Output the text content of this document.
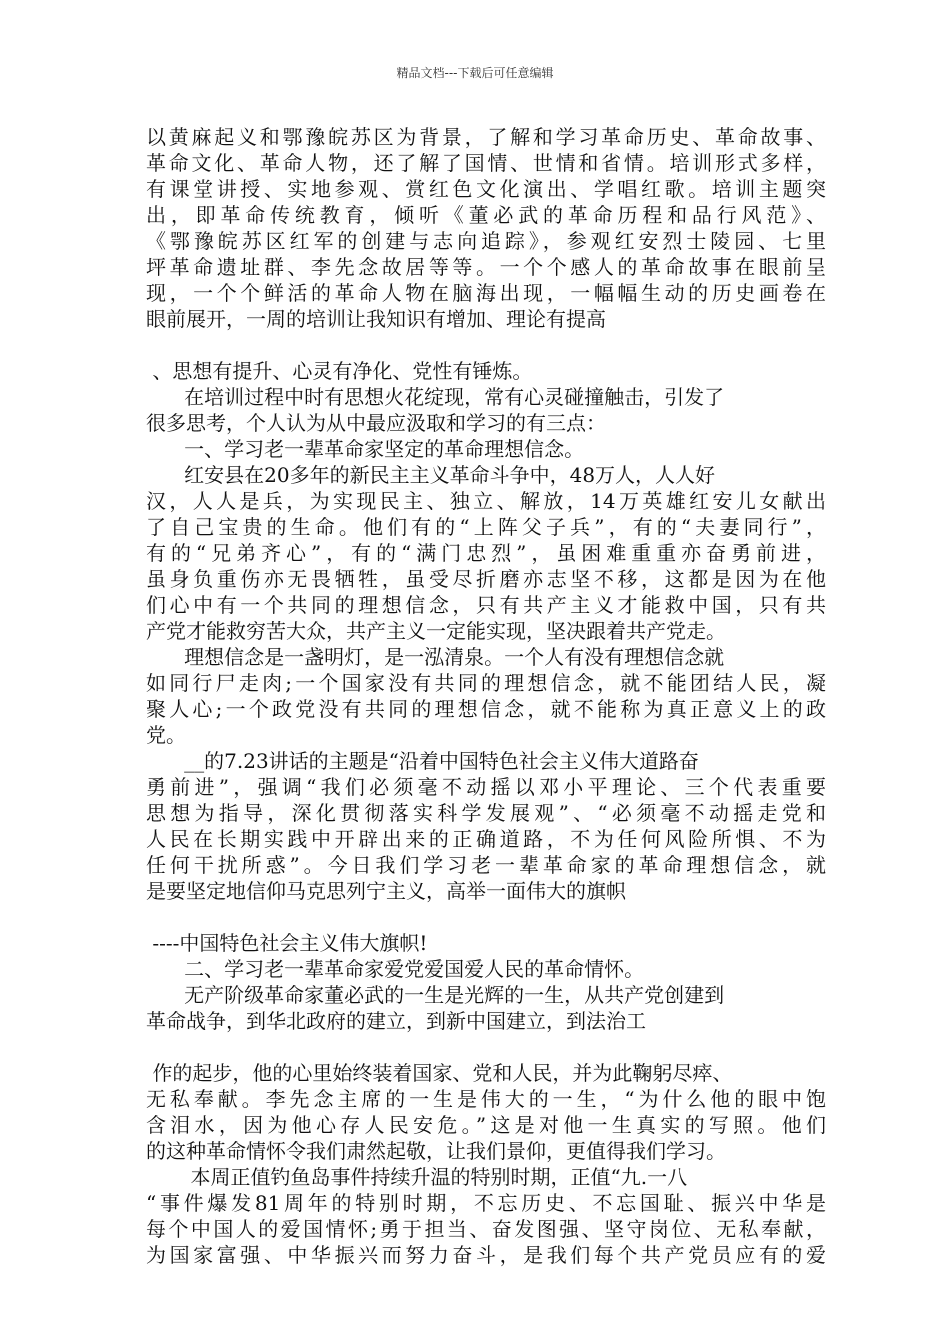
精品文档---下载后可任意编辑
以黄麻起义和鄂豫皖苏区为背景，了解和学习革命历史、革命故事、
革命文化、革命人物，还了解了国情、世情和省情。培训形式多样，
有课堂讲授、实地参观、赏红色文化演出、学唱红歌。培训主题突
出，即革命传统教育，倾听《董必武的革命历程和品行风范》、
《鄂豫皖苏区红军的创建与志向追踪》，参观红安烈士陵园、七里
坪革命遗址群、李先念故居等等。一个个感人的革命故事在眼前呈
现，一个个鲜活的革命人物在脑海出现，一幅幅生动的历史画卷在
眼前展开，一周的培训让我知识有增加、理论有提高
、思想有提升、心灵有净化、党性有锤炼。
在培训过程中时有思想火花绽现，常有心灵碰撞触击，引发了
很多思考，个人认为从中最应汲取和学习的有三点：
一、学习老一辈革命家坚定的革命理想信念。
红安县在20多年的新民主主义革命斗争中，48万人，人人好
汉，人人是兵，为实现民主、独立、解放，14万英雄红安儿女献出
了自己宝贵的生命。他们有的“上阵父子兵”，有的“夫妻同行”，
有的“兄弟齐心”，有的“满门忠烈”，虽困难重重亦奋勇前进，
虽身负重伤亦无畏牺牲，虽受尽折磨亦志坚不移，这都是因为在他
们心中有一个共同的理想信念，只有共产主义才能救中国，只有共
产党才能救穷苦大众，共产主义一定能实现，坚决跟着共产党走。
理想信念是一盏明灯，是一泓清泉。一个人有没有理想信念就
如同行尸走肉;一个国家没有共同的理想信念，就不能团结人民，凝
聚人心;一个政党没有共同的理想信念，就不能称为真正意义上的政
党。
__的7.23讲话的主题是“沿着中国特色社会主义伟大道路奋
勇前进”，强调“我们必须毫不动摇以邓小平理论、三个代表重要
思想为指导，深化贯彻落实科学发展观”、“必须毫不动摇走党和
人民在长期实践中开辟出来的正确道路，不为任何风险所惧、不为
任何干扰所惑”。今日我们学习老一辈革命家的革命理想信念，就
是要坚定地信仰马克思列宁主义，高举一面伟大的旗帜
----中国特色社会主义伟大旗帜!
二、学习老一辈革命家爱党爱国爱人民的革命情怀。
无产阶级革命家董必武的一生是光辉的一生，从共产党创建到
革命战争，到华北政府的建立，到新中国建立，到法治工
作的起步，他的心里始终装着国家、党和人民，并为此鞠躬尽瘁、
无私奉献。李先念主席的一生是伟大的一生，“为什么他的眼中饱
含泪水，因为他心存人民安危。”这是对他一生真实的写照。他们
的这种革命情怀令我们肃然起敬，让我们景仰，更值得我们学习。
本周正值钓鱼岛事件持续升温的特别时期，正值“九.一八
“事件爆发81周年的特别时期，不忘历史、不忘国耻、振兴中华是
每个中国人的爱国情怀;勇于担当、奋发图强、坚守岗位、无私奉献，
为国家富强、中华振兴而努力奋斗，是我们每个共产党员应有的爱
